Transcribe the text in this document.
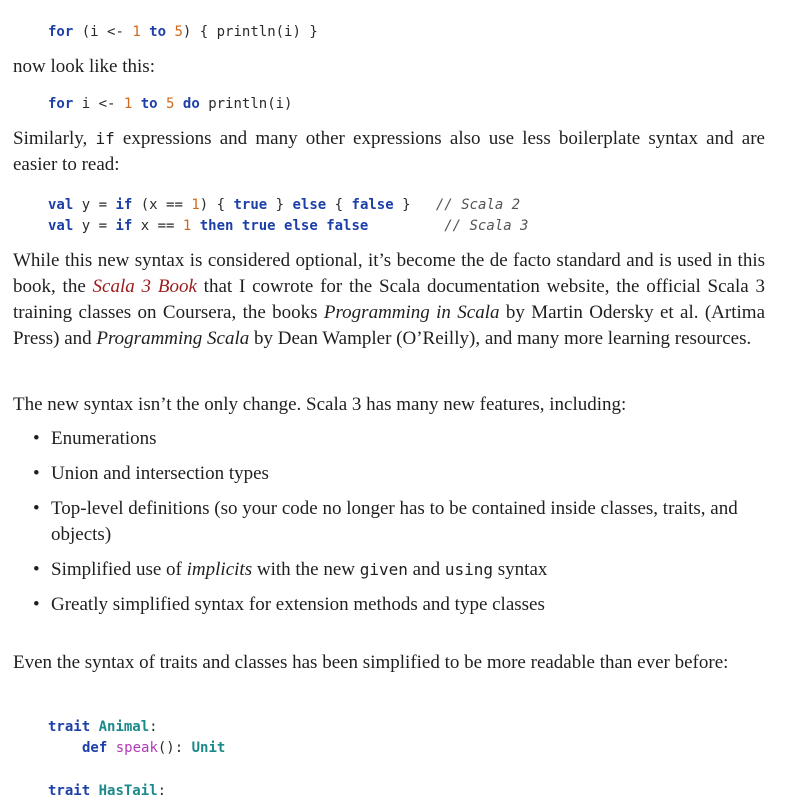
for (i <- 1 to 5) { println(i) }

now look like this:

for i <- 1 to 5 do println(i)

Similarly, if expressions and many other expressions also use less boilerplate syntax and are easier to read:

val y = if (x == 1) { true } else { false }   // Scala 2
val y = if x == 1 then true else false	// Scala 3

While this new syntax is considered optional, it’s become the de facto standard and is used in this book, the Scala 3 Book that I cowrote for the Scala documentation website, the official Scala 3 training classes on Coursera, the books Programming in Scala by Martin Odersky et al. (Artima Press) and Programming Scala by Dean Wampler (O’Reilly), and many more learning resources.

The new syntax isn’t the only change. Scala 3 has many new features, including:

• Enumerations
• Union and intersection types
• Top-level definitions (so your code no longer has to be contained inside classes, traits, and objects)
• Simplified use of implicits with the new given and using syntax
• Greatly simplified syntax for extension methods and type classes

Even the syntax of traits and classes has been simplified to be more readable than ever before:

trait Animal:
def speak(): Unit
trait HasTail:
